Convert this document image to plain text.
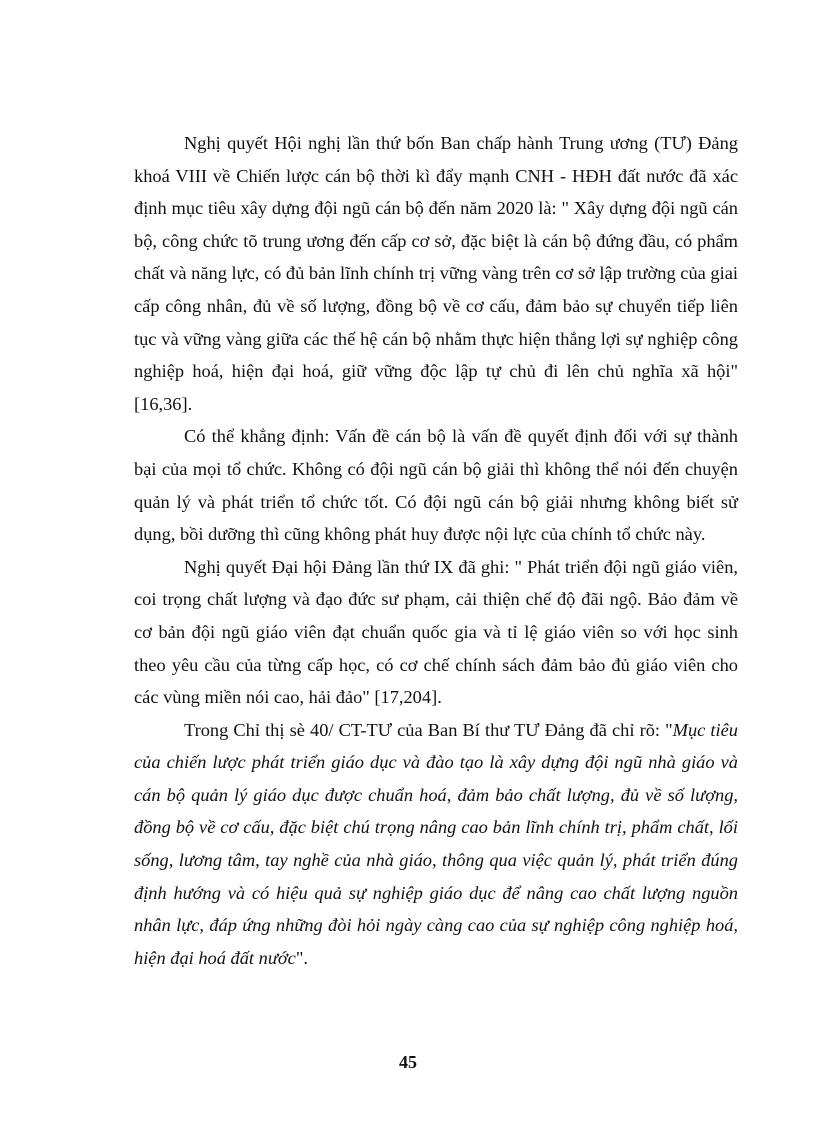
Nghị quyết Hội nghị lần thứ bốn Ban chấp hành Trung ương (TƯ) Đảng khoá VIII về Chiến lược cán bộ thời kì đẩy mạnh CNH - HĐH đất nước đã xác định mục tiêu xây dựng đội ngũ cán bộ đến năm 2020 là: " Xây dựng đội ngũ cán bộ, công chức tõ trung ương đến cấp cơ sở, đặc biệt là cán bộ đứng đầu, có phẩm chất và năng lực, có đủ bản lĩnh chính trị vững vàng trên cơ sở lập trường của giai cấp công nhân, đủ về số lượng, đồng bộ về cơ cấu, đảm bảo sự chuyển tiếp liên tục và vững vàng giữa các thế hệ cán bộ nhằm thực hiện thắng lợi sự nghiệp công nghiệp hoá, hiện đại hoá, giữ vững độc lập tự chủ đi lên chủ nghĩa xã hội" [16,36].

Có thể khẳng định: Vấn đề cán bộ là vấn đề quyết định đối với sự thành bại của mọi tổ chức. Không có đội ngũ cán bộ giải thì không thể nói đến chuyện quản lý và phát triển tổ chức tốt. Có đội ngũ cán bộ giải nhưng không biết sử dụng, bồi dưỡng thì cũng không phát huy được nội lực của chính tổ chức này.

Nghị quyết Đại hội Đảng lần thứ IX đã ghi: " Phát triển đội ngũ giáo viên, coi trọng chất lượng và đạo đức sư phạm, cải thiện chế độ đãi ngộ. Bảo đảm về cơ bản đội ngũ giáo viên đạt chuẩn quốc gia và tỉ lệ giáo viên so với học sinh theo yêu cầu của từng cấp học, có cơ chế chính sách đảm bảo đủ giáo viên cho các vùng miền nói cao, hải đảo" [17,204].

Trong Chỉ thị sè 40/ CT-TƯ của Ban Bí thư TƯ Đảng đã chỉ rõ: "Mục tiêu của chiến lược phát triển giáo dục và đào tạo là xây dựng đội ngũ nhà giáo và cán bộ quản lý giáo dục được chuẩn hoá, đảm bảo chất lượng, đủ về số lượng, đồng bộ về cơ cấu, đặc biệt chú trọng nâng cao bản lĩnh chính trị, phẩm chất, lối sống, lương tâm, tay nghề của nhà giáo, thông qua việc quản lý, phát triển đúng định hướng và có hiệu quả sự nghiệp giáo dục để nâng cao chất lượng nguồn nhân lực, đáp ứng những đòi hỏi ngày càng cao của sự nghiệp công nghiệp hoá, hiện đại hoá đất nước".

45
